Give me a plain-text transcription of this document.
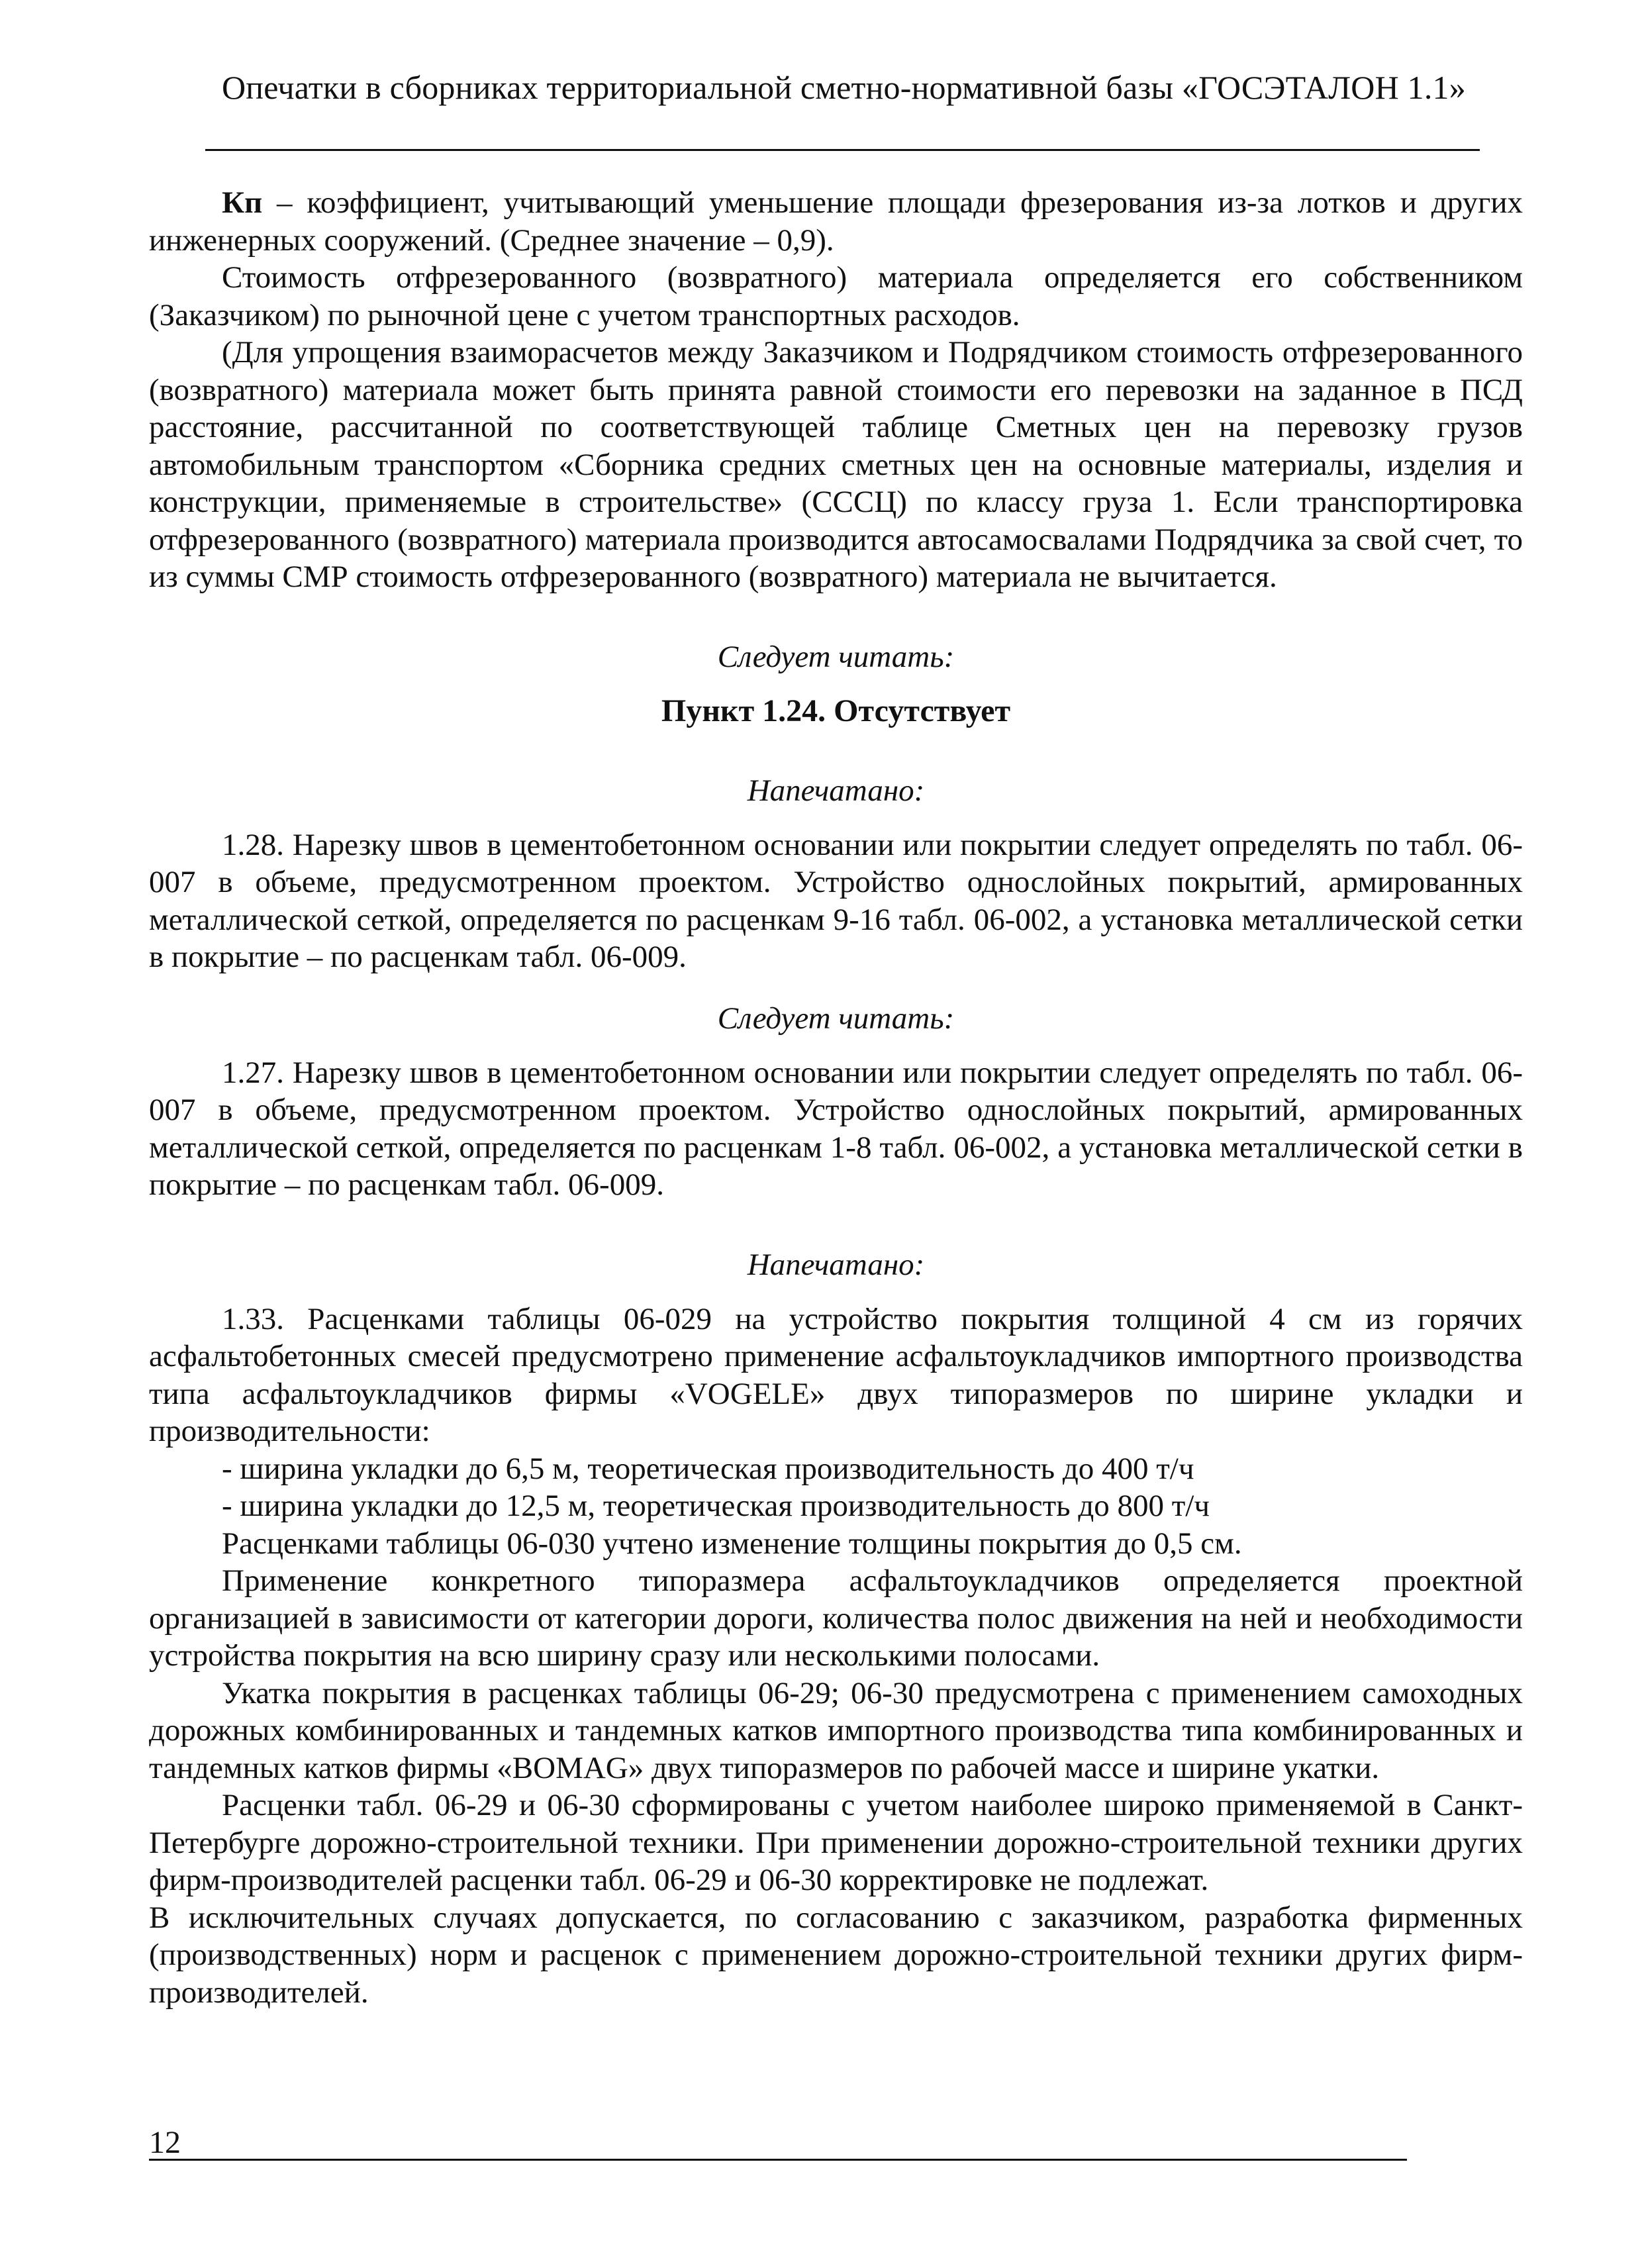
Опечатки в сборниках территориальной сметно-нормативной базы «ГОСЭТАЛОН 1.1»

Кп – коэффициент, учитывающий уменьшение площади фрезерования из-за лотков и других инженерных сооружений. (Среднее значение – 0,9).

Стоимость отфрезерованного (возвратного) материала определяется его собственником (Заказчиком) по рыночной цене с учетом транспортных расходов.

(Для упрощения взаиморасчетов между Заказчиком и Подрядчиком стоимость отфрезерованного (возвратного) материала может быть принята равной стоимости его перевозки на заданное в ПСД расстояние, рассчитанной по соответствующей таблице Сметных цен на перевозку грузов автомобильным транспортом «Сборника средних сметных цен на основные материалы, изделия и конструкции, применяемые в строительстве» (СССЦ) по классу груза 1. Если транспортировка отфрезерованного (возвратного) материала производится автосамосвалами Подрядчика за свой счет, то из суммы СМР стоимость отфрезерованного (возвратного) материала не вычитается.

Следует читать:

Пункт 1.24. Отсутствует

Напечатано:

1.28. Нарезку швов в цементобетонном основании или покрытии следует определять по табл. 06-007 в объеме, предусмотренном проектом. Устройство однослойных покрытий, армированных металлической сеткой, определяется по расценкам 9-16 табл. 06-002, а установка металлической сетки в покрытие – по расценкам табл. 06-009.

Следует читать:

1.27. Нарезку швов в цементобетонном основании или покрытии следует определять по табл. 06-007 в объеме, предусмотренном проектом. Устройство однослойных покрытий, армированных металлической сеткой, определяется по расценкам 1-8 табл. 06-002, а установка металлической сетки в покрытие – по расценкам табл. 06-009.

Напечатано:

1.33. Расценками таблицы 06-029 на устройство покрытия толщиной 4 см из горячих асфальтобетонных смесей предусмотрено применение асфальтоукладчиков импортного производства типа асфальтоукладчиков фирмы «VOGELE» двух типоразмеров по ширине укладки и производительности:

- ширина укладки до 6,5 м, теоретическая производительность до 400 т/ч

- ширина укладки до 12,5 м, теоретическая производительность до 800 т/ч

Расценками таблицы 06-030 учтено изменение толщины покрытия до 0,5 см.

Применение конкретного типоразмера асфальтоукладчиков определяется проектной организацией в зависимости от категории дороги, количества полос движения на ней и необходимости устройства покрытия на всю ширину сразу или несколькими полосами.

Укатка покрытия в расценках таблицы 06-29; 06-30 предусмотрена с применением самоходных дорожных комбинированных и тандемных катков импортного производства типа комбинированных и тандемных катков фирмы «BOMAG» двух типоразмеров по рабочей массе и ширине укатки.

Расценки табл. 06-29 и 06-30 сформированы с учетом наиболее широко применяемой в Санкт-Петербурге дорожно-строительной техники. При применении дорожно-строительной техники других фирм-производителей расценки табл. 06-29 и 06-30 корректировке не подлежат.

В исключительных случаях допускается, по согласованию с заказчиком, разработка фирменных (производственных) норм и расценок с применением дорожно-строительной техники других фирм-производителей.

12
